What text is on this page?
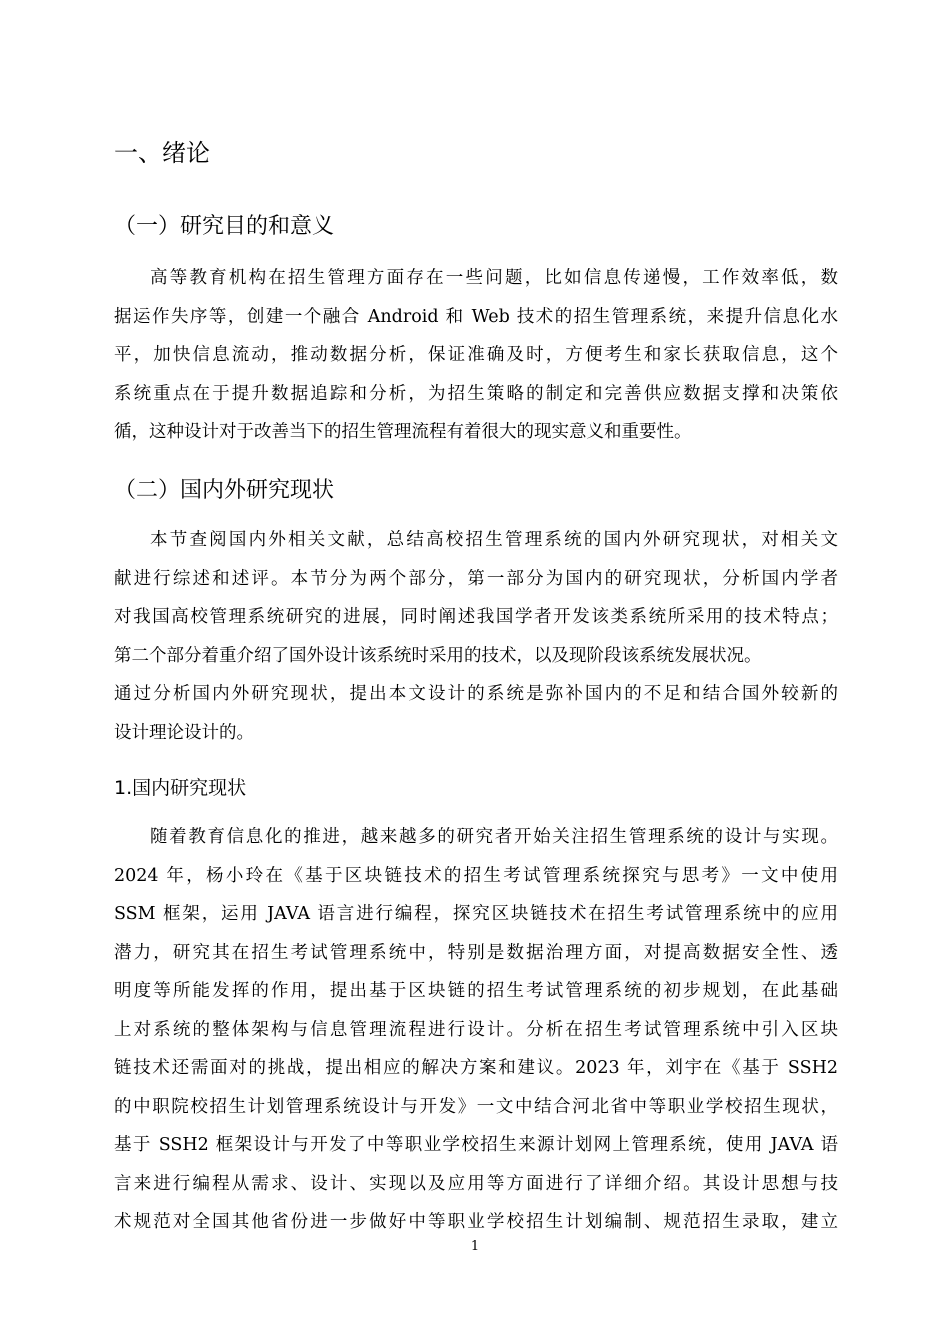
一、绪论
（一）研究目的和意义
高等教育机构在招生管理方面存在一些问题，比如信息传递慢，工作效率低，数
据运作失序等，创建一个融合 Android 和 Web 技术的招生管理系统，来提升信息化水
平，加快信息流动，推动数据分析，保证准确及时，方便考生和家长获取信息，这个
系统重点在于提升数据追踪和分析，为招生策略的制定和完善供应数据支撑和决策依
循，这种设计对于改善当下的招生管理流程有着很大的现实意义和重要性。
（二）国内外研究现状
本节查阅国内外相关文献，总结高校招生管理系统的国内外研究现状，对相关文
献进行综述和述评。本节分为两个部分，第一部分为国内的研究现状，分析国内学者
对我国高校管理系统研究的进展，同时阐述我国学者开发该类系统所采用的技术特点；
第二个部分着重介绍了国外设计该系统时采用的技术，以及现阶段该系统发展状况。
通过分析国内外研究现状，提出本文设计的系统是弥补国内的不足和结合国外较新的
设计理论设计的。
1.国内研究现状
随着教育信息化的推进，越来越多的研究者开始关注招生管理系统的设计与实现。
2024 年，杨小玲在《基于区块链技术的招生考试管理系统探究与思考》一文中使用
SSM 框架，运用 JAVA 语言进行编程，探究区块链技术在招生考试管理系统中的应用
潜力，研究其在招生考试管理系统中，特别是数据治理方面，对提高数据安全性、透
明度等所能发挥的作用，提出基于区块链的招生考试管理系统的初步规划，在此基础
上对系统的整体架构与信息管理流程进行设计。分析在招生考试管理系统中引入区块
链技术还需面对的挑战，提出相应的解决方案和建议。2023 年，刘宇在《基于 SSH2
的中职院校招生计划管理系统设计与开发》一文中结合河北省中等职业学校招生现状，
基于 SSH2 框架设计与开发了中等职业学校招生来源计划网上管理系统，使用 JAVA 语
言来进行编程从需求、设计、实现以及应用等方面进行了详细介绍。其设计思想与技
术规范对全国其他省份进一步做好中等职业学校招生计划编制、规范招生录取，建立
1
